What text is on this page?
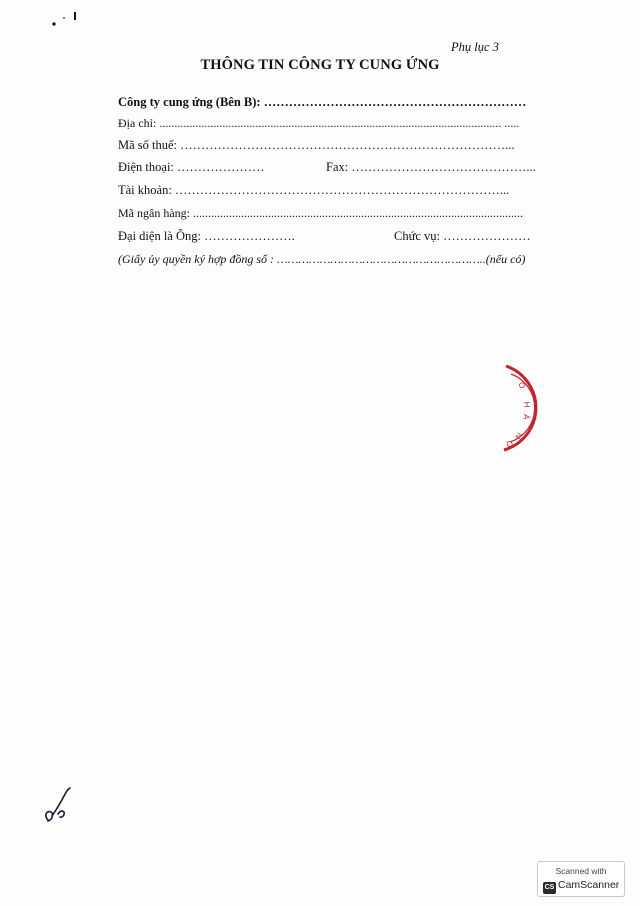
Phụ lục 3
THÔNG TIN CÔNG TY CUNG ỨNG
Công ty cung ứng (Bên B): ………………………………………………………
Địa chỉ: .................................................................................................................. .....
Mã số thuế: ……………………………………………………………………...
Điện thoại: …………………	Fax: ……………………………………...
Tài khoản: ……………………………………………………………………...
Mã ngân hàng: ..............................................................................................................
Đại diện là Ông: ………………….	Chức vụ: …………………
(Giấy ủy quyền ký hợp đồng số : …………………………………………………..(nếu có)
Ô
H
À
N
Ộ
Scanned with
CS CamScanner
